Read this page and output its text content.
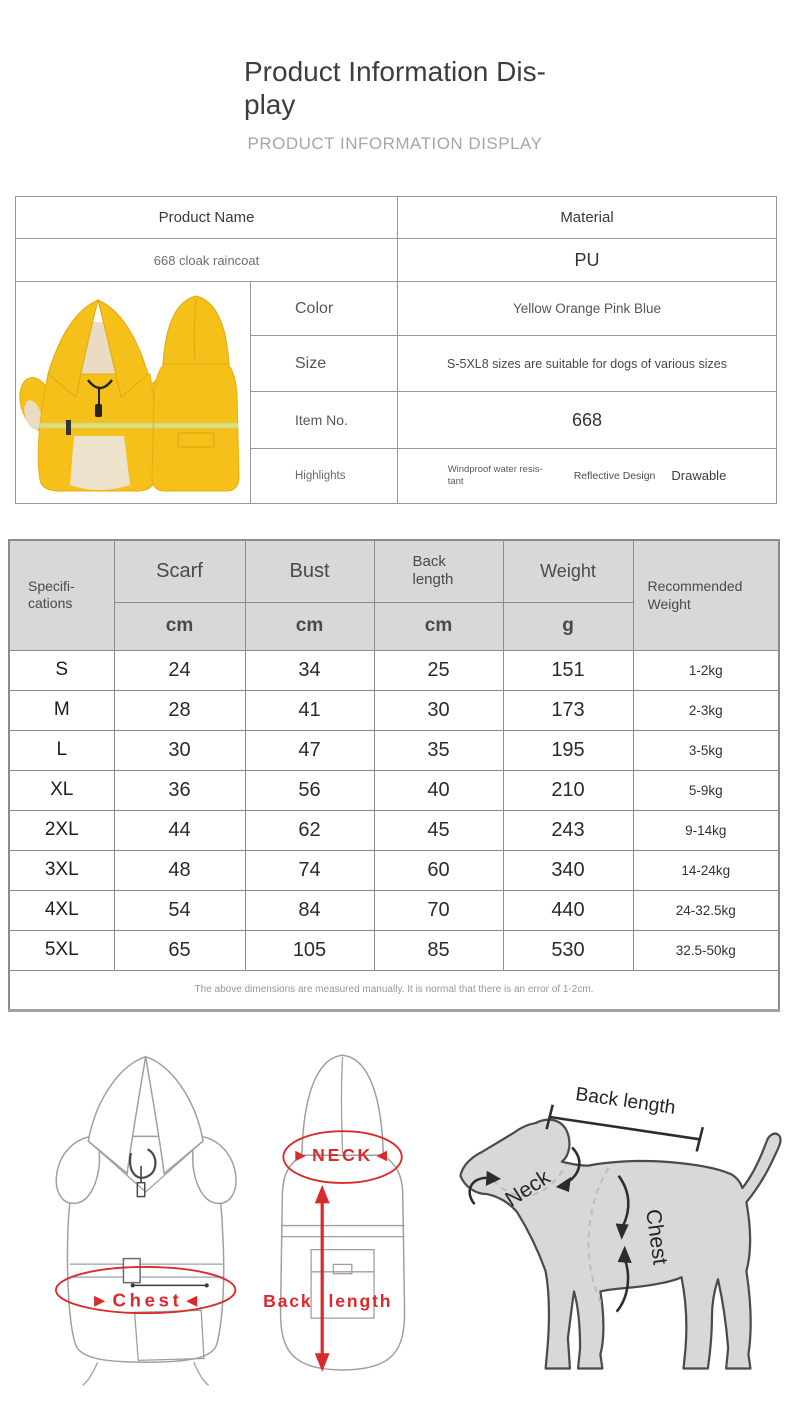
Product Information Dis-
play
PRODUCT INFORMATION DISPLAY
Product Name		Material
668 cloak raincoat		PU
	Color	Yellow Orange Pink Blue
	Size	S-5XL8 sizes are suitable for dogs of various sizes
	Item No.	668
	Highlights	Windproof water resis-tant Reflective Design Drawable
Specifi-cations	Scarf	Bust	Back length	Weight	Recommended Weight
	cm	cm	cm	g	
S	24	34	25	151	1-2kg
M	28	41	30	173	2-3kg
L	30	47	35	195	3-5kg
XL	36	56	40	210	5-9kg
2XL	44	62	45	243	9-14kg
3XL	48	74	60	340	14-24kg
4XL	54	84	70	440	24-32.5kg
5XL	65	105	85	530	32.5-50kg
The above dimensions are measured manually. It is normal that there is an error of 1-2cm.					
►Chest◄
►NECK◄
Back length
Back length
Neck
Chest
